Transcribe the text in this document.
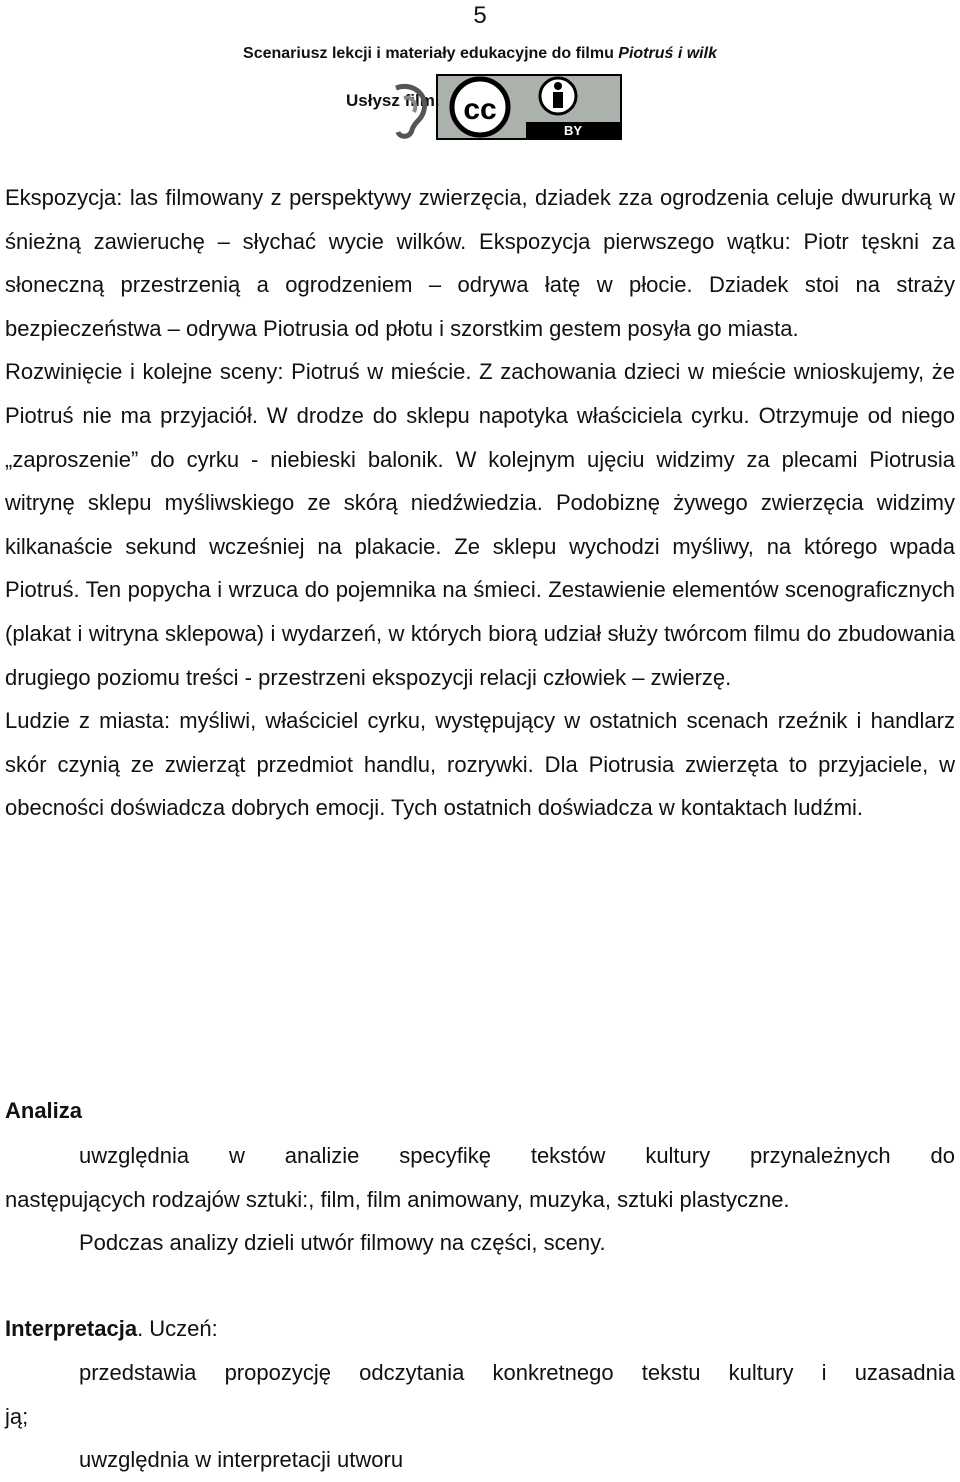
5
Scenariusz lekcji i materiały edukacyjne do filmu Piotruś i wilk
Usłysz film. cc
BY

Ekspozycja: las filmowany z perspektywy zwierzęcia, dziadek zza ogrodzenia celuje dwururką w śnieżną zawieruchę – słychać wycie wilków. Ekspozycja pierwszego wątku: Piotr tęskni za słoneczną przestrzenią a ogrodzeniem – odrywa łatę w płocie. Dziadek stoi na straży bezpieczeństwa – odrywa Piotrusia od płotu i szorstkim gestem posyła go miasta.

Rozwinięcie i kolejne sceny: Piotruś w mieście. Z zachowania dzieci w mieście wnioskujemy, że Piotruś nie ma przyjaciół. W drodze do sklepu napotyka właściciela cyrku. Otrzymuje od niego „zaproszenie” do cyrku - niebieski balonik. W kolejnym ujęciu widzimy za plecami Piotrusia witrynę sklepu myśliwskiego ze skórą niedźwiedzia. Podobiznę żywego zwierzęcia widzimy kilkanaście sekund wcześniej na plakacie. Ze sklepu wychodzi myśliwy, na którego wpada Piotruś. Ten popycha i wrzuca do pojemnika na śmieci. Zestawienie elementów scenograficznych (plakat i witryna sklepowa) i wydarzeń, w których biorą udział służy twórcom filmu do zbudowania drugiego poziomu treści - przestrzeni ekspozycji relacji człowiek – zwierzę.

Ludzie z miasta: myśliwi, właściciel cyrku, występujący w ostatnich scenach rzeźnik i handlarz skór czynią ze zwierząt przedmiot handlu, rozrywki. Dla Piotrusia zwierzęta to przyjaciele, w obecności doświadcza dobrych emocji. Tych ostatnich doświadcza w kontaktach ludźmi.

Analiza
uwzględnia w analizie specyfikę tekstów kultury przynależnych do
następujących rodzajów sztuki:, film, film animowany, muzyka, sztuki plastyczne.
Podczas analizy dzieli utwór filmowy na części, sceny.
Interpretacja. Uczeń:
przedstawia propozycję odczytania konkretnego tekstu kultury i uzasadnia
ją;
uwzględnia w interpretacji utworu
